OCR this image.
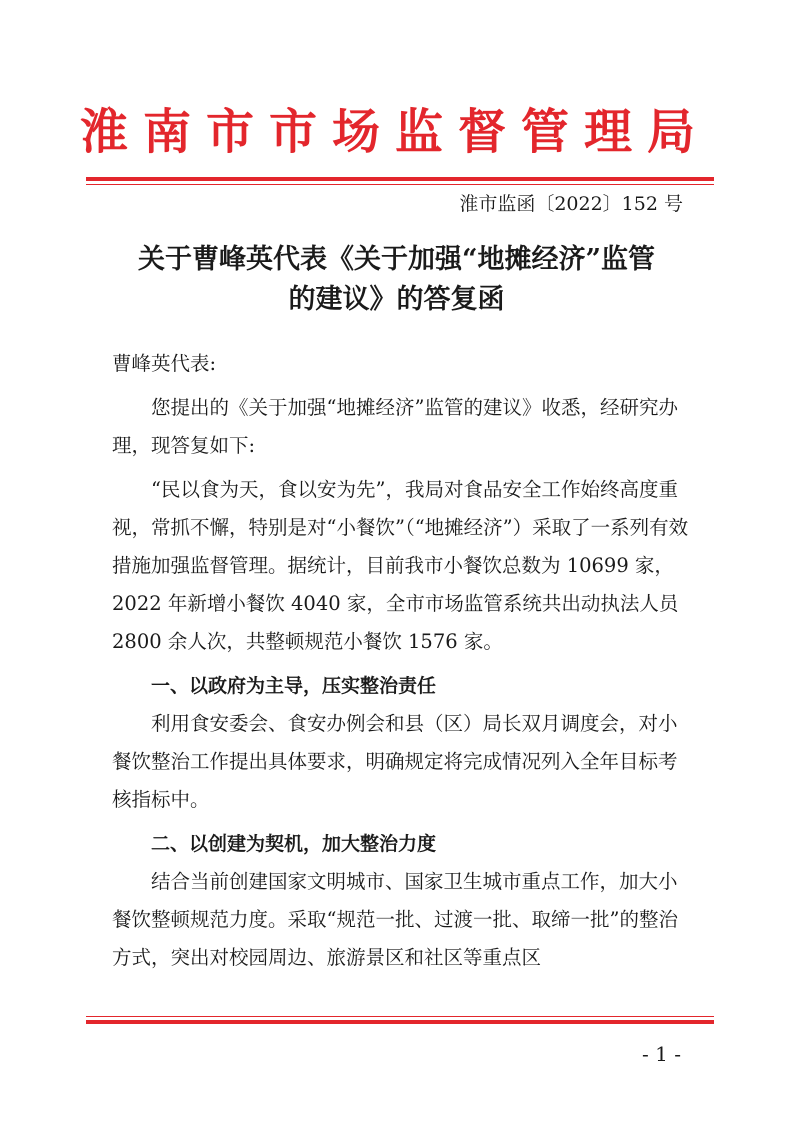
淮南市市场监督管理局
淮市监函〔2022〕152 号
关于曹峰英代表《关于加强“地摊经济”监管
的建议》的答复函

曹峰英代表:

您提出的《关于加强“地摊经济”监管的建议》收悉，经研究办理，现答复如下:

“民以食为天，食以安为先”，我局对食品安全工作始终高度重视，常抓不懈，特别是对“小餐饮”（“地摊经济”）采取了一系列有效措施加强监督管理。据统计，目前我市小餐饮总数为 10699 家，2022 年新增小餐饮 4040 家，全市市场监管系统共出动执法人员 2800 余人次，共整顿规范小餐饮 1576 家。

一、以政府为主导，压实整治责任

利用食安委会、食安办例会和县（区）局长双月调度会，对小餐饮整治工作提出具体要求，明确规定将完成情况列入全年目标考核指标中。

二、以创建为契机，加大整治力度

结合当前创建国家文明城市、国家卫生城市重点工作，加大小餐饮整顿规范力度。采取“规范一批、过渡一批、取缔一批”的整治方式，突出对校园周边、旅游景区和社区等重点区

- 1 -
